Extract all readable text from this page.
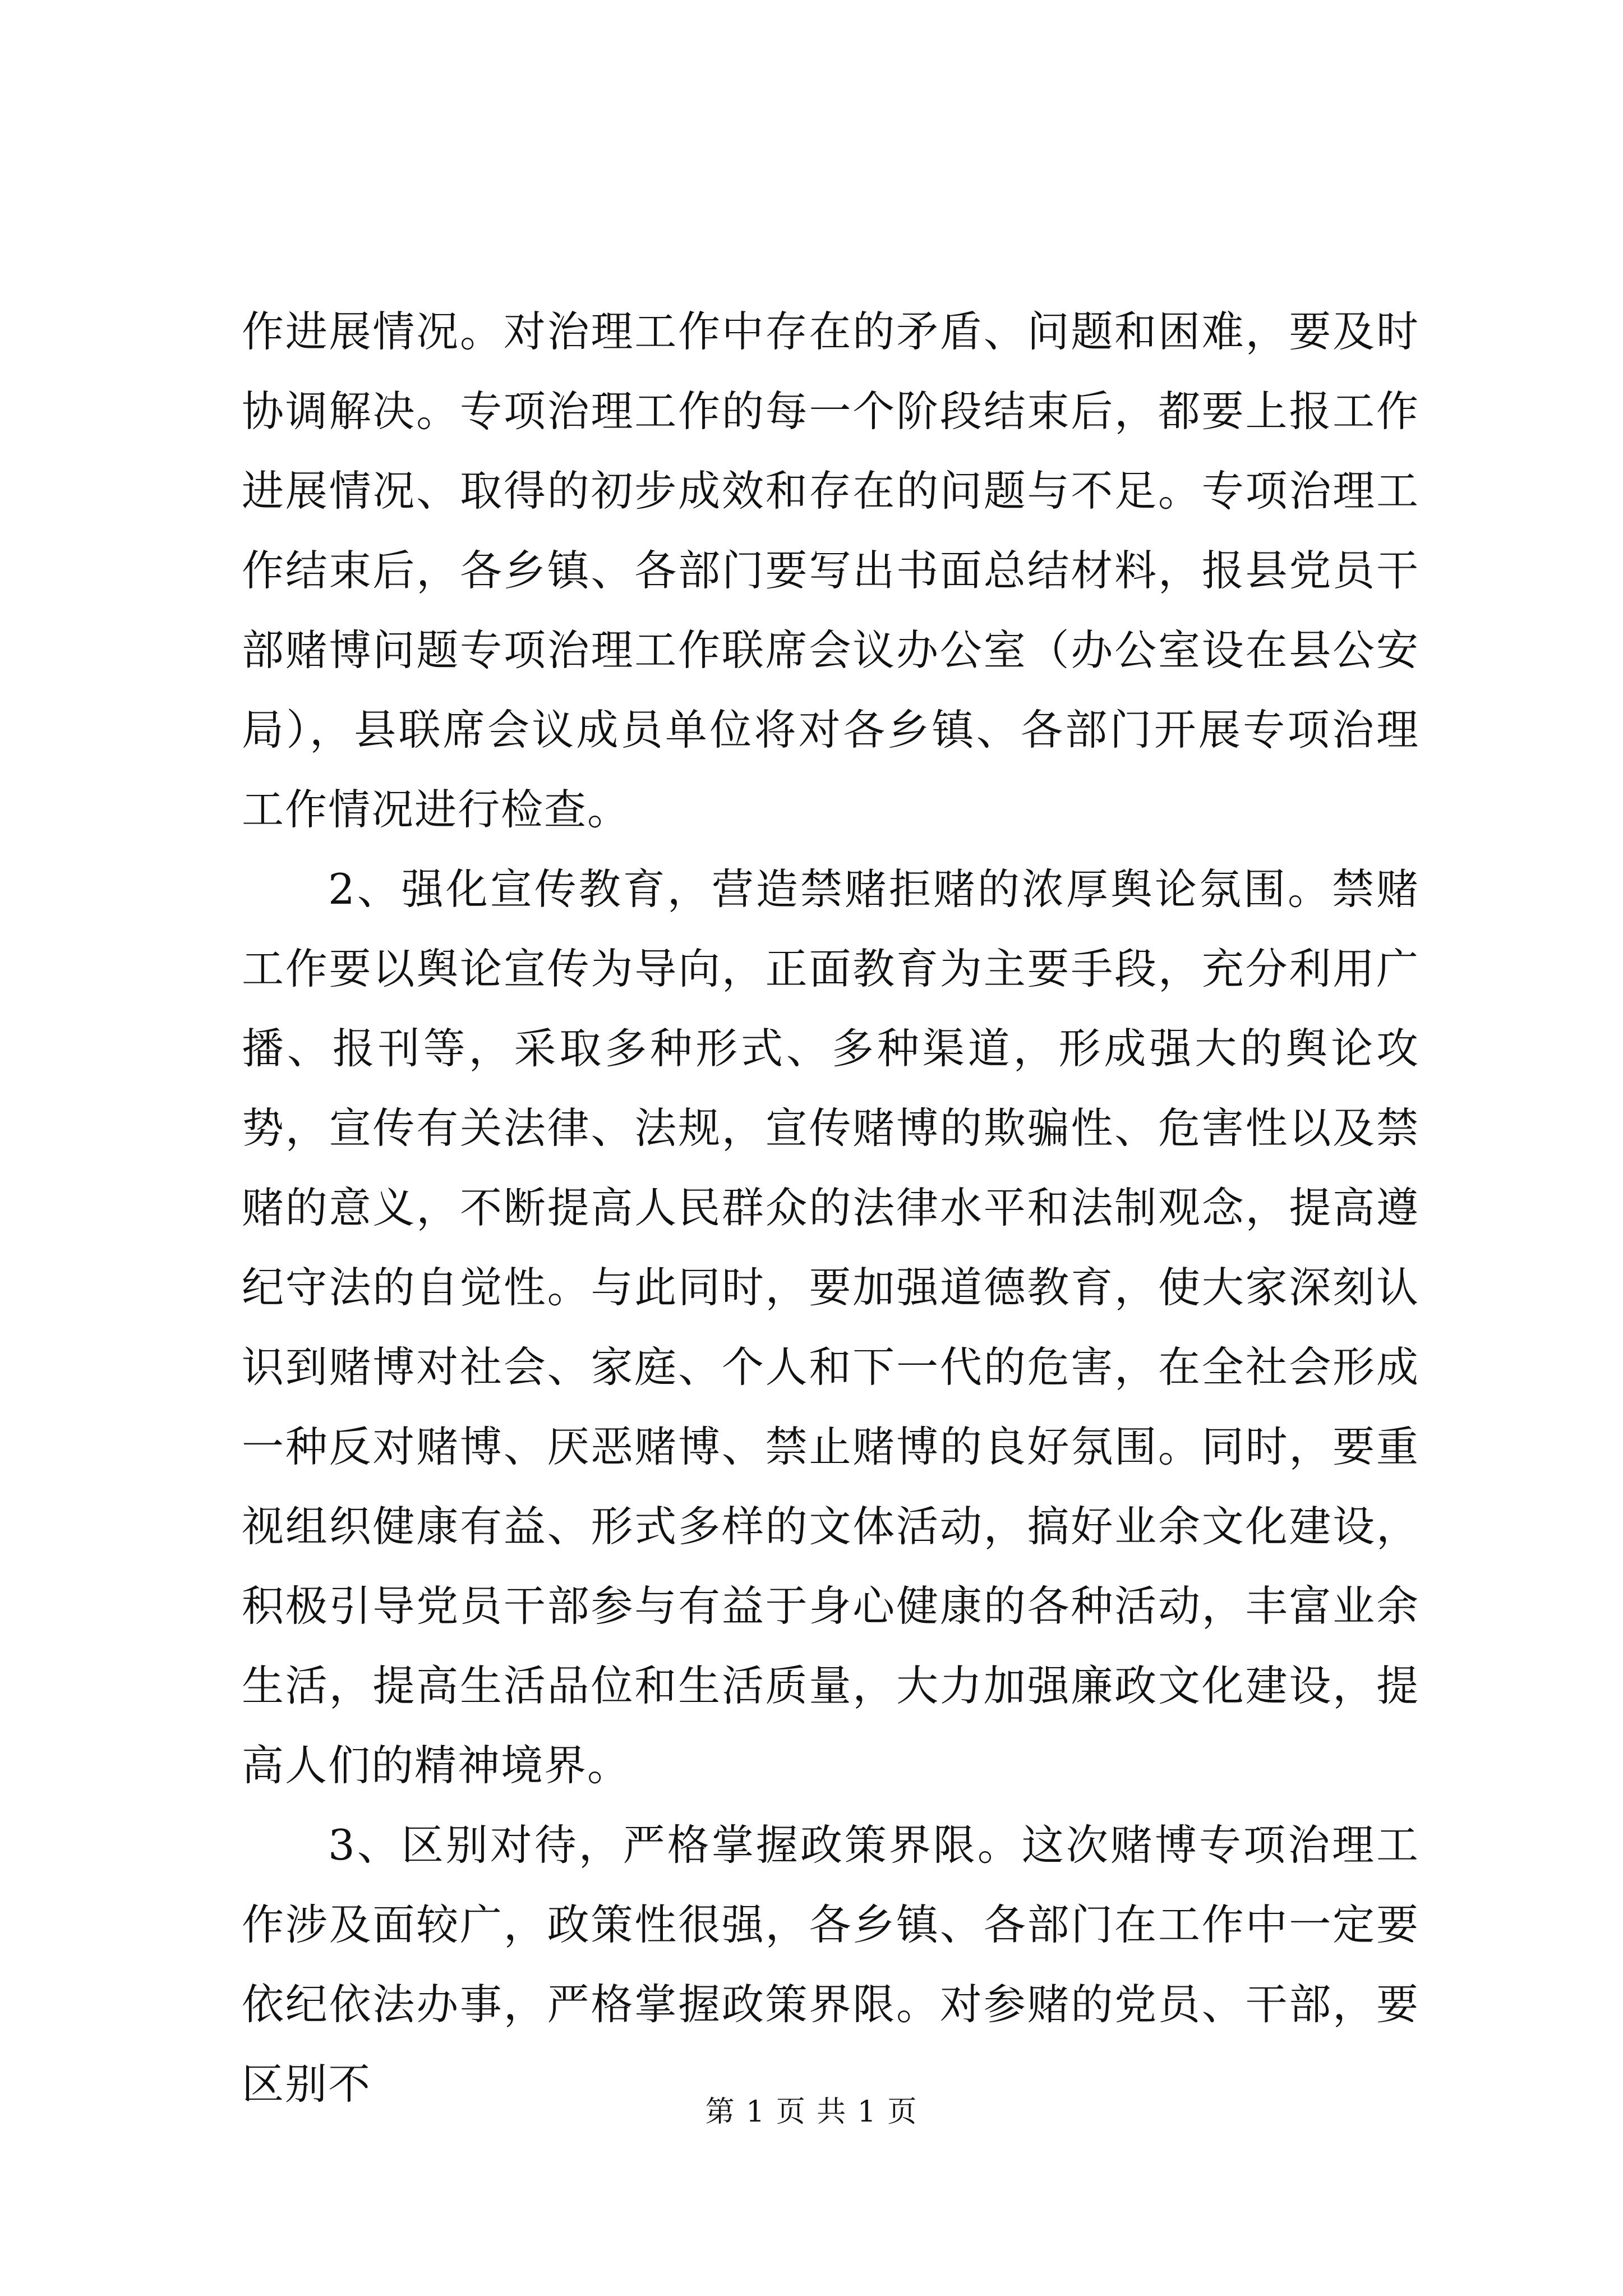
作进展情况。对治理工作中存在的矛盾、问题和困难，要及时协调解决。专项治理工作的每一个阶段结束后，都要上报工作进展情况、取得的初步成效和存在的问题与不足。专项治理工作结束后，各乡镇、各部门要写出书面总结材料，报县党员干部赌博问题专项治理工作联席会议办公室（办公室设在县公安局），县联席会议成员单位将对各乡镇、各部门开展专项治理工作情况进行检查。

2、强化宣传教育，营造禁赌拒赌的浓厚舆论氛围。禁赌工作要以舆论宣传为导向，正面教育为主要手段，充分利用广播、报刊等，采取多种形式、多种渠道，形成强大的舆论攻势，宣传有关法律、法规，宣传赌博的欺骗性、危害性以及禁赌的意义，不断提高人民群众的法律水平和法制观念，提高遵纪守法的自觉性。与此同时，要加强道德教育，使大家深刻认识到赌博对社会、家庭、个人和下一代的危害，在全社会形成一种反对赌博、厌恶赌博、禁止赌博的良好氛围。同时，要重视组织健康有益、形式多样的文体活动，搞好业余文化建设，积极引导党员干部参与有益于身心健康的各种活动，丰富业余生活，提高生活品位和生活质量，大力加强廉政文化建设，提高人们的精神境界。

3、区别对待，严格掌握政策界限。这次赌博专项治理工作涉及面较广，政策性很强，各乡镇、各部门在工作中一定要依纪依法办事，严格掌握政策界限。对参赌的党员、干部，要区别不

第 1 页 共 1 页
